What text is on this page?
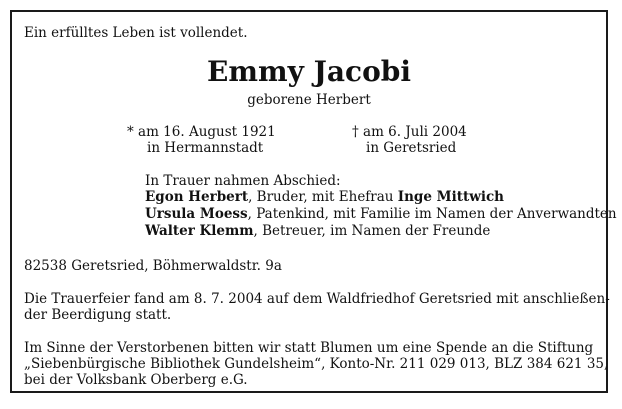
Ein erfülltes Leben ist vollendet.
Emmy Jacobi
geborene Herbert
* am 16. August 1921
in Hermannstadt
† am 6. Juli 2004
in Geretsried
In Trauer nahmen Abschied:
Egon Herbert, Bruder, mit Ehefrau Inge Mittwich
Ursula Moess, Patenkind, mit Familie im Namen der Anverwandten
Walter Klemm, Betreuer, im Namen der Freunde
82538 Geretsried, Böhmerwaldstr. 9a
Die Trauerfeier fand am 8. 7. 2004 auf dem Waldfriedhof Geretsried mit anschließen-
der Beerdigung statt.
Im Sinne der Verstorbenen bitten wir statt Blumen um eine Spende an die Stiftung
„Siebenbürgische Bibliothek Gundelsheim“, Konto-Nr. 211 029 013, BLZ 384 621 35,
bei der Volksbank Oberberg e.G.
